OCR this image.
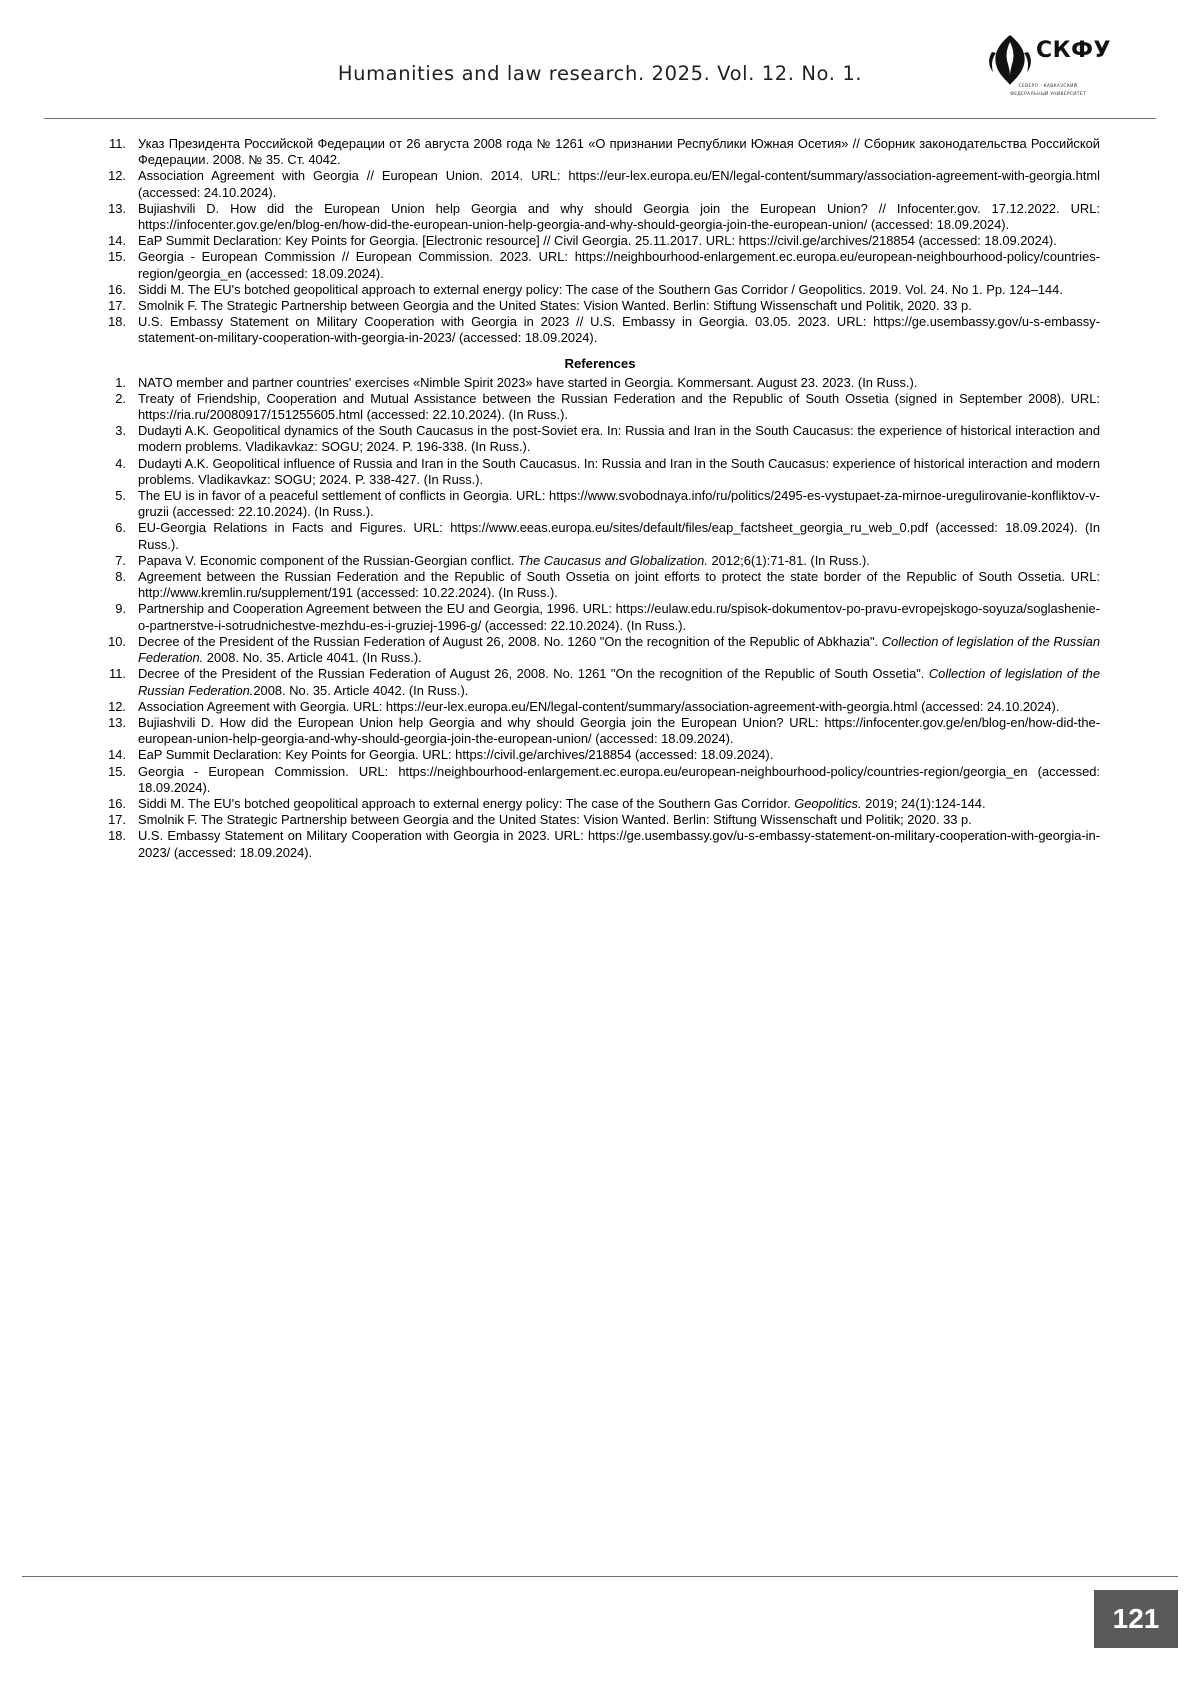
Humanities and law research. 2025. Vol. 12. No. 1.
СКФУ
СЕВЕРО - КАВКАЗСКИЙ
ФЕДЕРАЛЬНЫЙ УНИВЕРСИТЕТ
11. Указ Президента Российской Федерации от 26 августа 2008 года № 1261 «О признании Республики Южная Осетия» // Сборник законодательства Российской Федерации. 2008. № 35. Ст. 4042.
12. Association Agreement with Georgia // European Union. 2014. URL: https://eur-lex.europa.eu/EN/legal-content/summary/association-agreement-with-georgia.html (accessed: 24.10.2024).
13. Bujiashvili D. How did the European Union help Georgia and why should Georgia join the European Union? // Infocenter.gov. 17.12.2022. URL: https://infocenter.gov.ge/en/blog-en/how-did-the-european-union-help-georgia-and-why-should-georgia-join-the-european-union/ (accessed: 18.09.2024).
14. EaP Summit Declaration: Key Points for Georgia. [Electronic resource] // Civil Georgia. 25.11.2017. URL: https://civil.ge/archives/218854 (accessed: 18.09.2024).
15. Georgia - European Commission // European Commission. 2023. URL: https://neighbourhood-enlargement.ec.europa.eu/european-neighbourhood-policy/countries-region/georgia_en (accessed: 18.09.2024).
16. Siddi M. The EU's botched geopolitical approach to external energy policy: The case of the Southern Gas Corridor / Geopolitics. 2019. Vol. 24. No 1. Pp. 124–144.
17. Smolnik F. The Strategic Partnership between Georgia and the United States: Vision Wanted. Berlin: Stiftung Wissenschaft und Politik, 2020. 33 p.
18. U.S. Embassy Statement on Military Cooperation with Georgia in 2023 // U.S. Embassy in Georgia. 03.05. 2023. URL: https://ge.usembassy.gov/u-s-embassy-statement-on-military-cooperation-with-georgia-in-2023/ (accessed: 18.09.2024).
References
1. NATO member and partner countries' exercises «Nimble Spirit 2023» have started in Georgia. Kommersant. August 23. 2023. (In Russ.).
2. Treaty of Friendship, Cooperation and Mutual Assistance between the Russian Federation and the Republic of South Ossetia (signed in September 2008). URL: https://ria.ru/20080917/151255605.html (accessed: 22.10.2024). (In Russ.).
3. Dudayti A.K. Geopolitical dynamics of the South Caucasus in the post-Soviet era. In: Russia and Iran in the South Caucasus: the experience of historical interaction and modern problems. Vladikavkaz: SOGU; 2024. P. 196-338. (In Russ.).
4. Dudayti A.K. Geopolitical influence of Russia and Iran in the South Caucasus. In: Russia and Iran in the South Caucasus: experience of historical interaction and modern problems. Vladikavkaz: SOGU; 2024. P. 338-427. (In Russ.).
5. The EU is in favor of a peaceful settlement of conflicts in Georgia. URL: https://www.svobodnaya.info/ru/politics/2495-es-vystupaet-za-mirnoe-uregulirovanie-konfliktov-v-gruzii (accessed: 22.10.2024). (In Russ.).
6. EU-Georgia Relations in Facts and Figures. URL: https://www.eeas.europa.eu/sites/default/files/eap_factsheet_georgia_ru_web_0.pdf (accessed: 18.09.2024). (In Russ.).
7. Papava V. Economic component of the Russian-Georgian conflict. The Caucasus and Globalization. 2012;6(1):71-81. (In Russ.).
8. Agreement between the Russian Federation and the Republic of South Ossetia on joint efforts to protect the state border of the Republic of South Ossetia. URL: http://www.kremlin.ru/supplement/191 (accessed: 10.22.2024). (In Russ.).
9. Partnership and Cooperation Agreement between the EU and Georgia, 1996. URL: https://eulaw.edu.ru/spisok-dokumentov-po-pravu-evropejskogo-soyuza/soglashenie-o-partnerstve-i-sotrudnichestve-mezhdu-es-i-gruziej-1996-g/ (accessed: 22.10.2024). (In Russ.).
10. Decree of the President of the Russian Federation of August 26, 2008. No. 1260 "On the recognition of the Republic of Abkhazia". Collection of legislation of the Russian Federation. 2008. No. 35. Article 4041. (In Russ.).
11. Decree of the President of the Russian Federation of August 26, 2008. No. 1261 "On the recognition of the Republic of South Ossetia". Collection of legislation of the Russian Federation.2008. No. 35. Article 4042. (In Russ.).
12. Association Agreement with Georgia. URL: https://eur-lex.europa.eu/EN/legal-content/summary/association-agreement-with-georgia.html (accessed: 24.10.2024).
13. Bujiashvili D. How did the European Union help Georgia and why should Georgia join the European Union? URL: https://infocenter.gov.ge/en/blog-en/how-did-the-european-union-help-georgia-and-why-should-georgia-join-the-european-union/ (accessed: 18.09.2024).
14. EaP Summit Declaration: Key Points for Georgia. URL: https://civil.ge/archives/218854 (accessed: 18.09.2024).
15. Georgia - European Commission. URL: https://neighbourhood-enlargement.ec.europa.eu/european-neighbourhood-policy/countries-region/georgia_en (accessed: 18.09.2024).
16. Siddi M. The EU's botched geopolitical approach to external energy policy: The case of the Southern Gas Corridor. Geopolitics. 2019; 24(1):124-144.
17. Smolnik F. The Strategic Partnership between Georgia and the United States: Vision Wanted. Berlin: Stiftung Wissenschaft und Politik; 2020. 33 p.
18. U.S. Embassy Statement on Military Cooperation with Georgia in 2023. URL: https://ge.usembassy.gov/u-s-embassy-statement-on-military-cooperation-with-georgia-in-2023/ (accessed: 18.09.2024).
121
